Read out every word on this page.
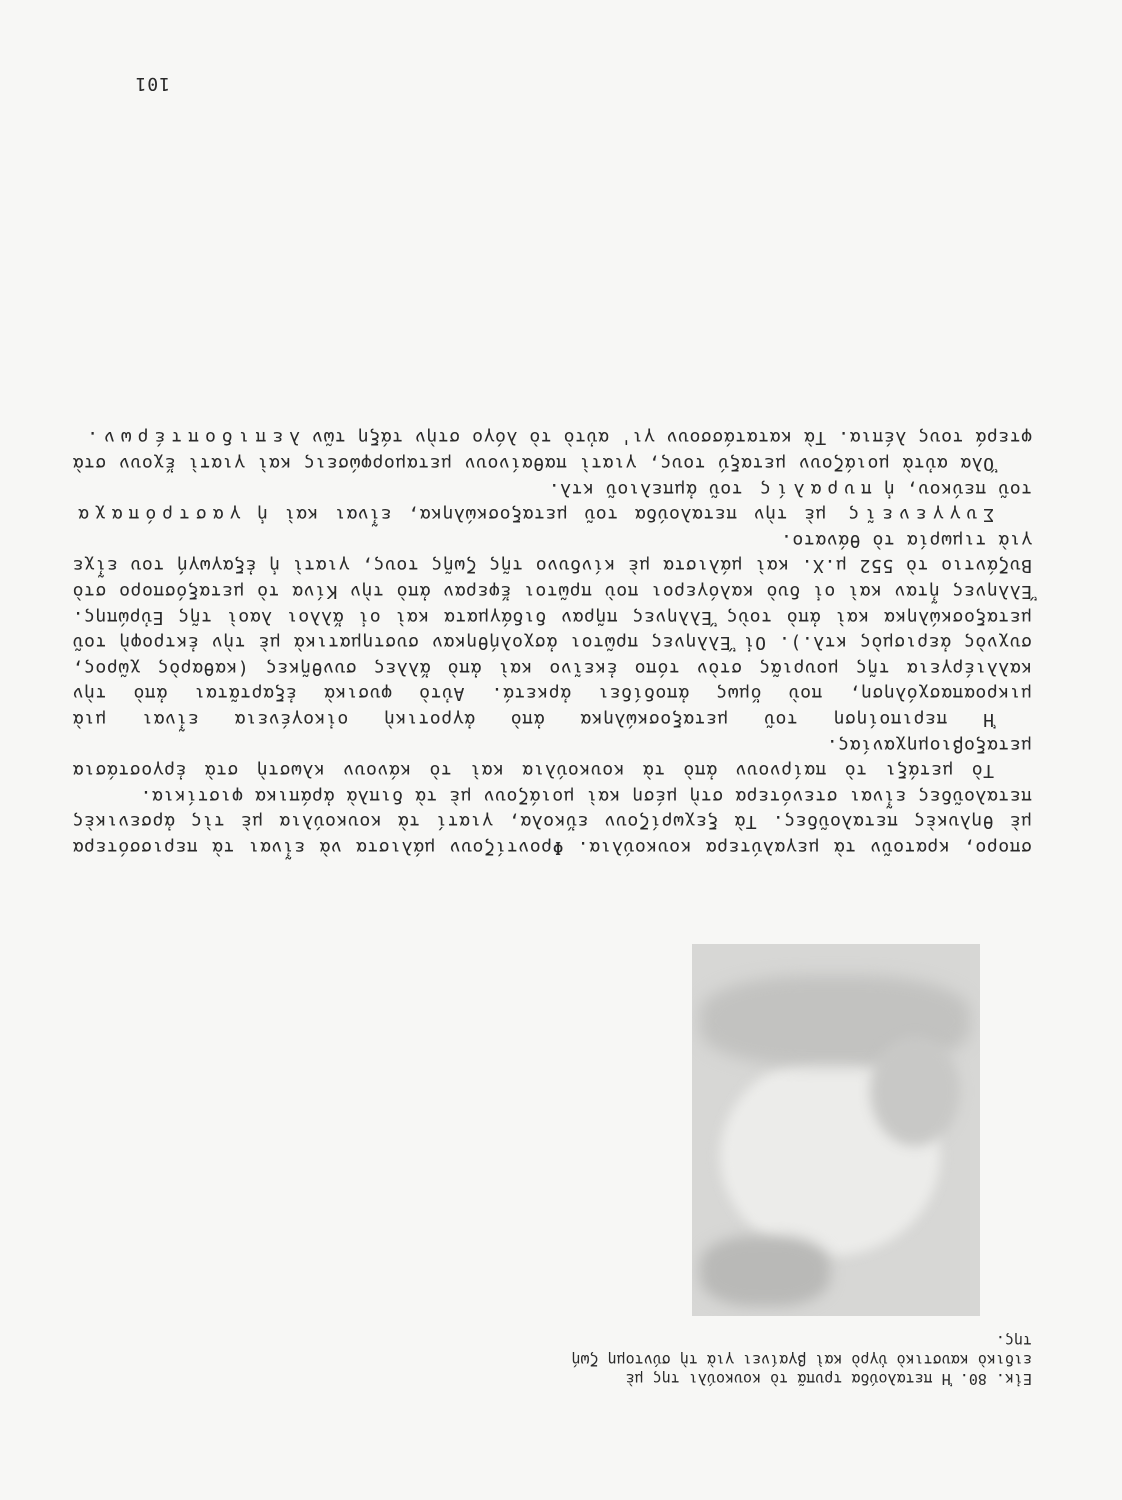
101
Εἰκ. 80. Ἡ πεταλούδα τρυπᾶ τὸ κουκούλι της μὲ
ειδικὸ καυστικὸ ὑγρὸ καὶ βγαίνει γιὰ τὴ σύντομη ζωή
της.

σπορο, κρατοῦν τὰ μεγαλύτερα κουκούλια. Φροντίζουν μάλιστα νὰ εἶναι τὰ περισσότερα μὲ θηλυκὲς πεταλοῦδες. Τὰ ξεχωρίζουν εὔκολα, γιατί τὰ κουκούλια μὲ τὶς ἀρσενικὲς πεταλοῦδες εἶναι στενότερα στὴ μέση καὶ μοιάζουν μὲ τὰ διπλὰ ἀράπικα φιστίκια.

Τὸ μετάξι τὸ παίρνουν ἀπὸ τὰ κουκούλια καὶ τὸ κάνουν κλωστὴ στὰ ἐργοστάσια μεταξοβιομηχανίας.

Ἡ περιποίηση τοῦ μεταξοσκώληκα ἀπὸ ἀγροτικὴ οἰκογένεια εἶναι μιὰ μικροαπασχόληση, ποὺ ὅμως ἀποδίδει ἀρκετά. Αὐτὸ φυσικὰ ἐξαρτᾶται ἀπὸ τὴν καλλιέργεια τῆς μουριᾶς στὸν τόπο ἐκεῖνο καὶ ἀπὸ ἄλλες συνθῆκες (καθαρὸς χῶρος, συχνὸς ἀερισμὸς κτλ.). Οἱ Ἕλληνες πρῶτοι ἀσχολήθηκαν συστηματικὰ μὲ τὴν ἐκτροφὴ τοῦ μεταξοσκώληκα καὶ ἀπὸ τοὺς Ἕλληνες πῆραν διδάγματα καὶ οἱ ἄλλοι λαοὶ τῆς Εὐρώπης. Ἕλληνες ἦταν καὶ οἱ δυὸ καλόγεροι ποὺ πρῶτοι ἔφεραν ἀπὸ τὴν Κίνα τὸ μεταξόσπορο στὸ Βυζάντιο τὸ 552 μ.Χ. καὶ μάλιστα μὲ κίνδυνο τῆς ζωῆς τους, γιατὶ ἡ ἐξαγωγή του εἶχε γιὰ τιμωρία τὸ θάνατο.

Συγγενεῖς μὲ τὴν πεταλούδα τοῦ μεταξοσκώληκα, εἶναι καὶ ἡ γαστρόπαχα τοῦ πεύκου, ἡ πυραλίς τοῦ ἀμπελιοῦ κτλ.

Ὅλα αὐτὰ μοιάζουν μεταξύ τους, γιατὶ παθαίνουν μεταμορφώσεις καὶ γιατὶ ἔχουν στὰ φτερά τους λέπια. Τὰ κατατάσσουν γι' αὐτὸ τὸ λόγο στὴν τάξη τῶν λεπιδοπτέρων.
